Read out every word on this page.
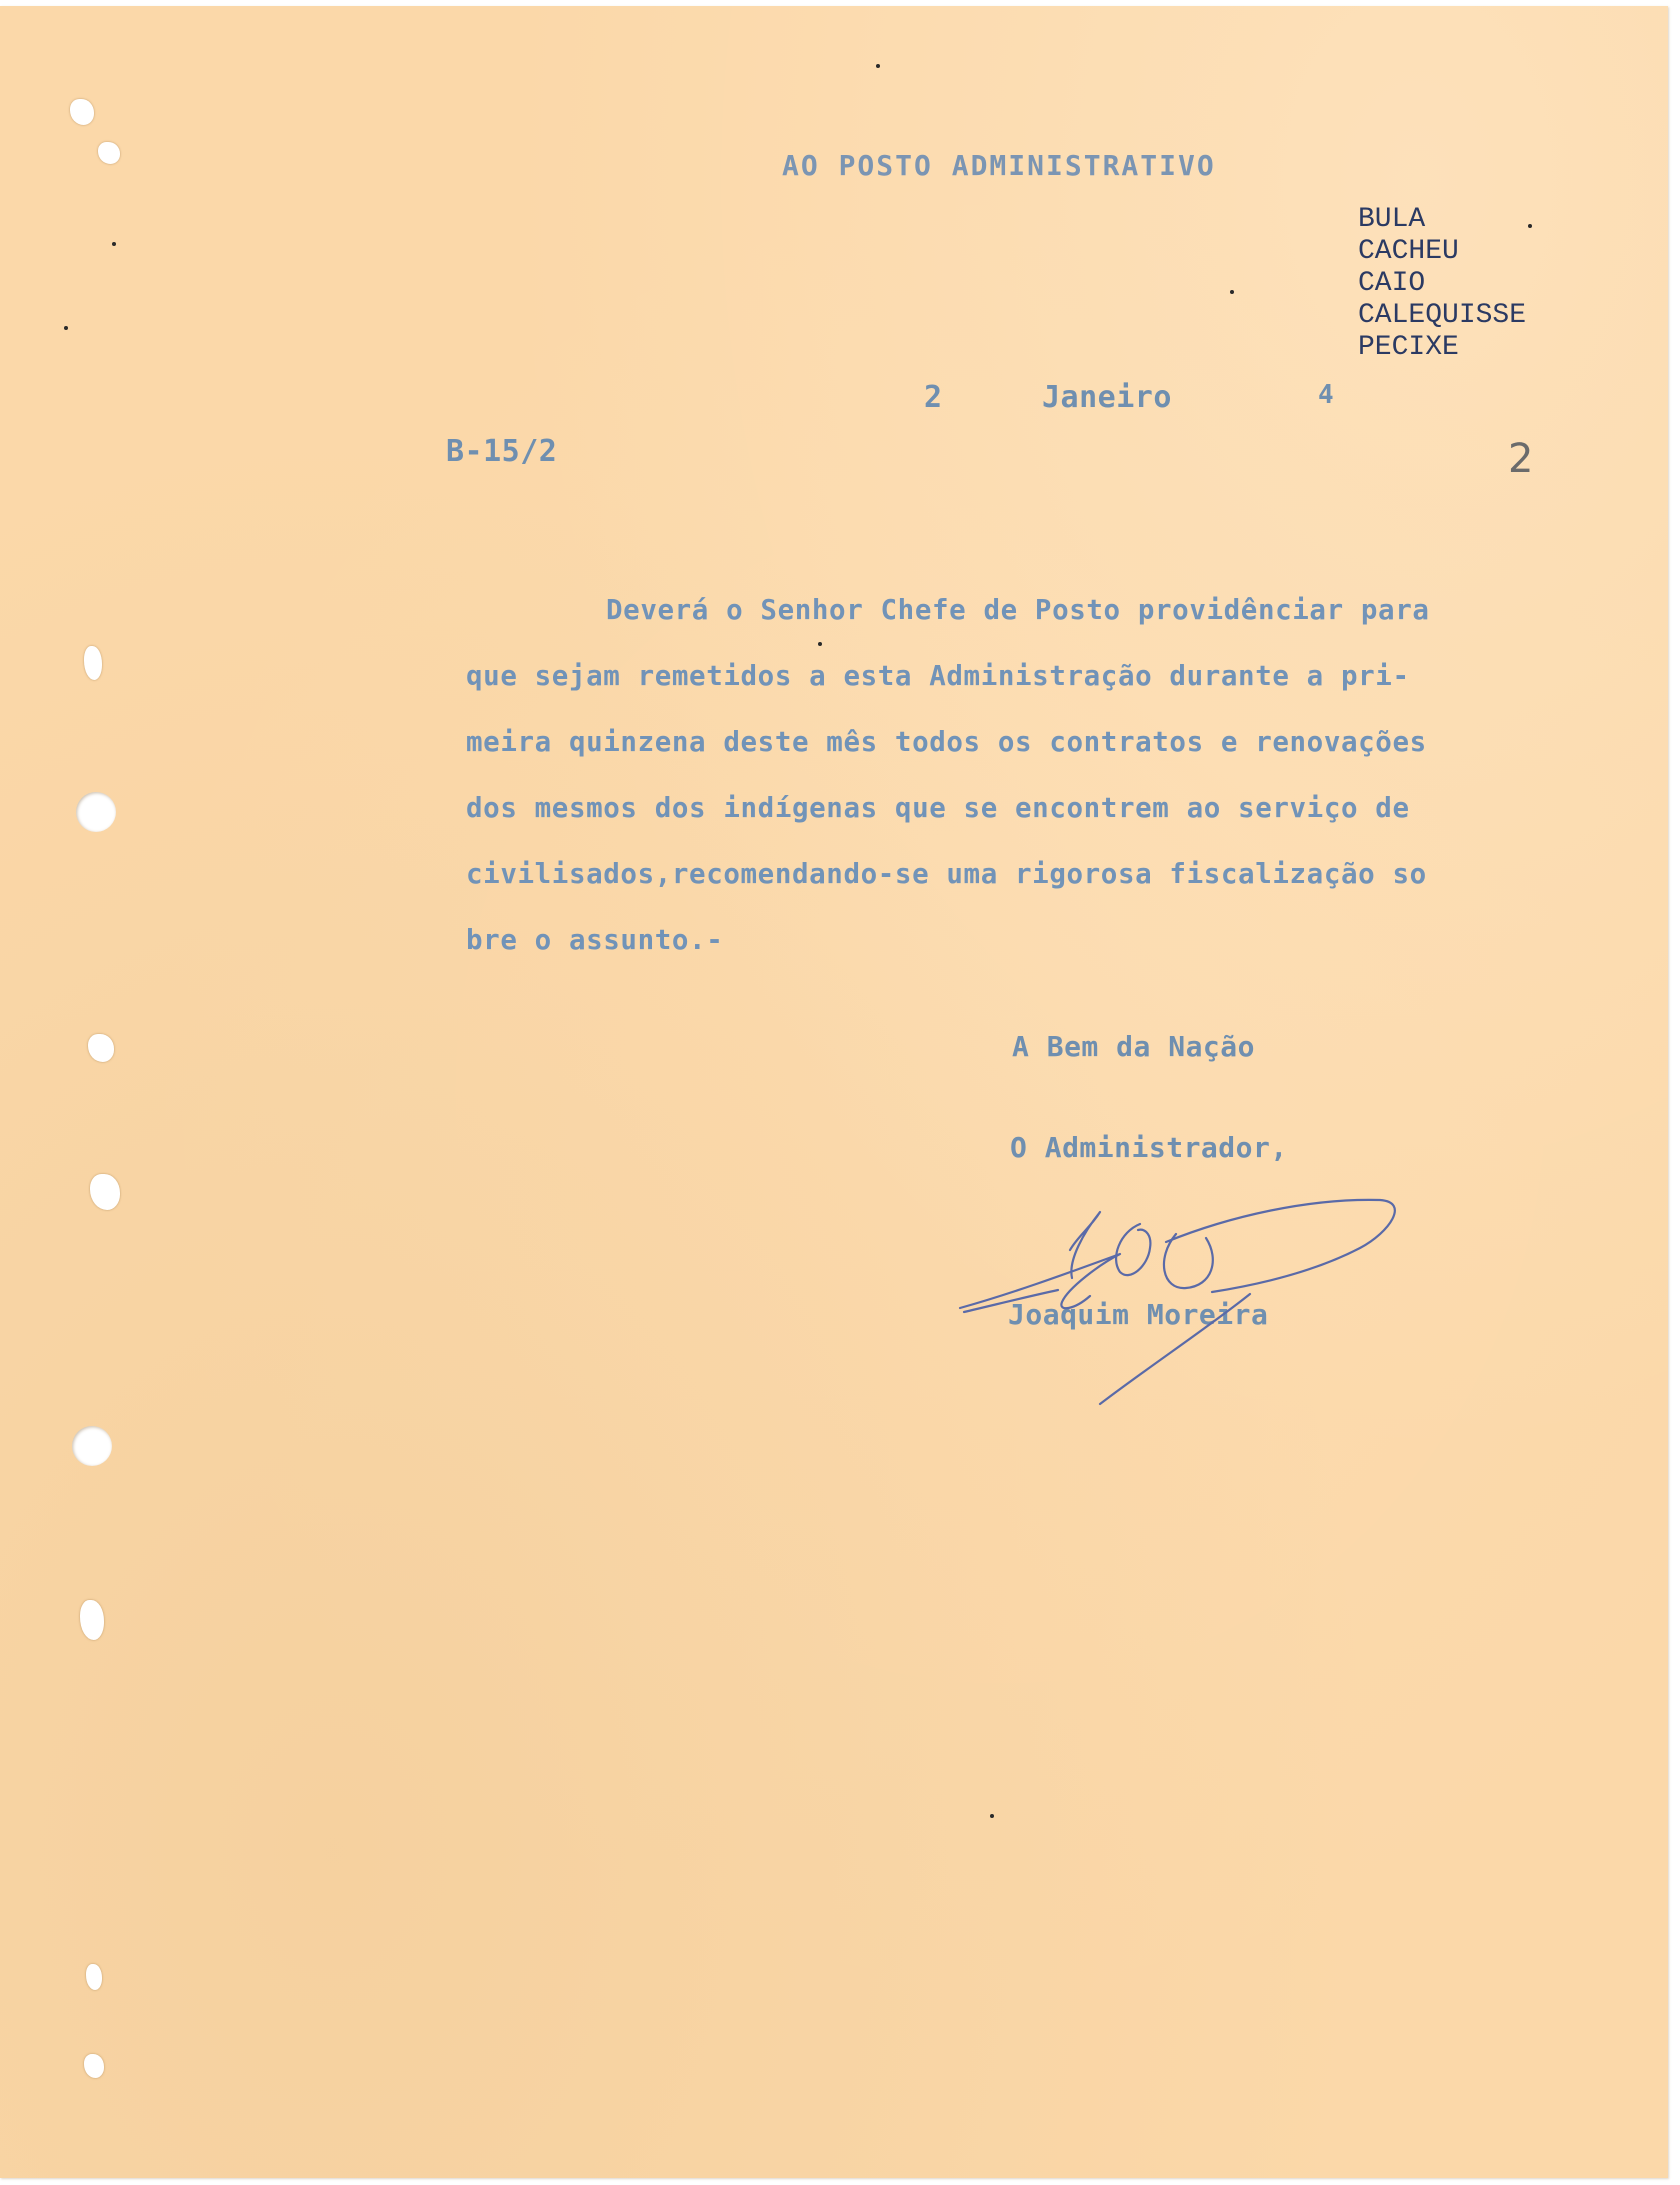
AO POSTO ADMINISTRATIVO
BULA
CACHEU
CAIO
CALEQUISSE
PECIXE
2	Janeiro	4
B-15/2	2
Deverá o Senhor Chefe de Posto providênciar para
que sejam remetidos a esta Administração durante a pri-
meira quinzena deste mês todos os contratos e renovações
dos mesmos dos indígenas que se encontrem ao serviço de
civilisados,recomendando-se uma rigorosa fiscalização so
bre o assunto.-
A Bem da Nação
O Administrador,
Joaquim Moreira
